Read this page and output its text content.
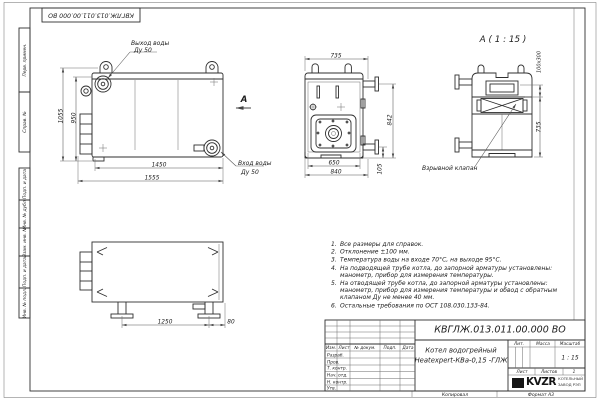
КВГЛЖ.013.011.00.000 ВО
Перв. примен.
Справ. №
Подп. и дата
Инв. № дубл.
Взам. инв. №
Подп. и дата
Инв. № подл.
Копировал	Формат А3
Выход воды
Ду 50
Вход воды
Ду 50
А
1055 950
1450
1555
735
650
840
842
105
А ( 1 : 15 )
100х300
735
Взрывной клапан
1250	80
1. Все размеры для справок.
2. Отклонение ±100 мм.
3. Температура воды на входе 70°С, на выходе 95°С.
4. На подводящей трубе котла, до запорной арматуры установлены: манометр, прибор для измерения температуры.
5. На отводящей трубе котла, до запорной арматуры установлены: манометр, прибор для измерения температуры и обвод с обратным клапаном Ду не менее 40 мм.
6. Остальные требования по ОСТ 108.030.133-84.
КВГЛЖ.013.011.00.000 ВО
Котел водогрейный
Heatexpert-КВа-0,15 -ГЛЖ
Изм. Лист № докум. Подп. Дата
Разраб.
Пров.
Т. контр.
Нач. отд.
Н. контр.
Утв.
Лит. Масса Масштаб
1 : 15
Лист Листов 1
KVZR КОТЕЛЬНЫЙ
ЗАВОД РЭП
